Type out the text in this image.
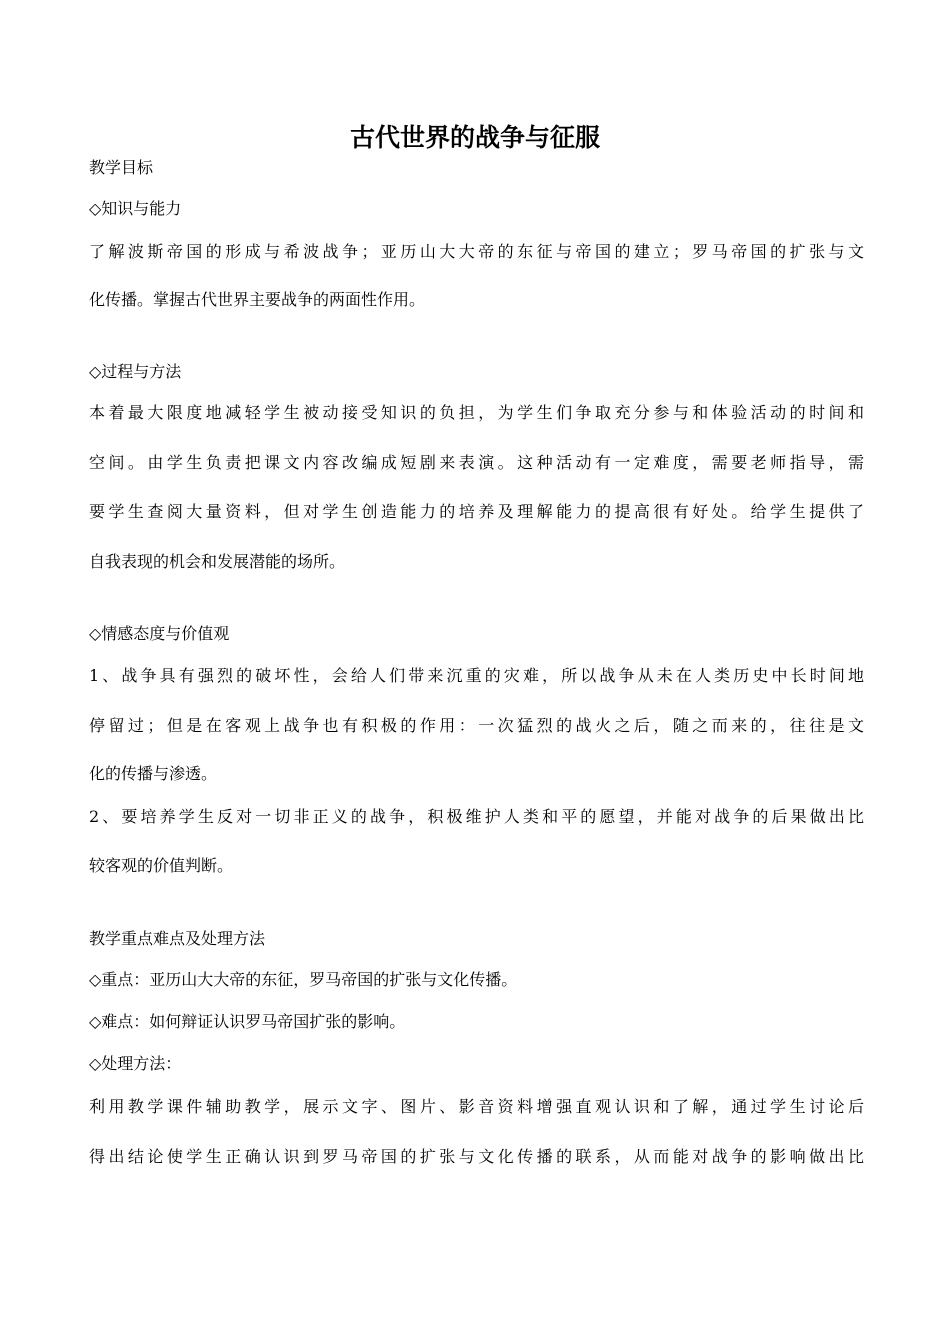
古代世界的战争与征服
教学目标
◇知识与能力
了解波斯帝国的形成与希波战争；亚历山大大帝的东征与帝国的建立；罗马帝国的扩张与文
化传播。掌握古代世界主要战争的两面性作用。
◇过程与方法
本着最大限度地减轻学生被动接受知识的负担，为学生们争取充分参与和体验活动的时间和
空间。由学生负责把课文内容改编成短剧来表演。这种活动有一定难度，需要老师指导，需
要学生查阅大量资料，但对学生创造能力的培养及理解能力的提高很有好处。给学生提供了
自我表现的机会和发展潜能的场所。
◇情感态度与价值观
1、战争具有强烈的破坏性，会给人们带来沉重的灾难，所以战争从未在人类历史中长时间地
停留过；但是在客观上战争也有积极的作用：一次猛烈的战火之后，随之而来的，往往是文
化的传播与渗透。
2、要培养学生反对一切非正义的战争，积极维护人类和平的愿望，并能对战争的后果做出比
较客观的价值判断。
教学重点难点及处理方法
◇重点：亚历山大大帝的东征，罗马帝国的扩张与文化传播。
◇难点：如何辩证认识罗马帝国扩张的影响。
◇处理方法：
利用教学课件辅助教学，展示文字、图片、影音资料增强直观认识和了解，通过学生讨论后
得出结论使学生正确认识到罗马帝国的扩张与文化传播的联系，从而能对战争的影响做出比
